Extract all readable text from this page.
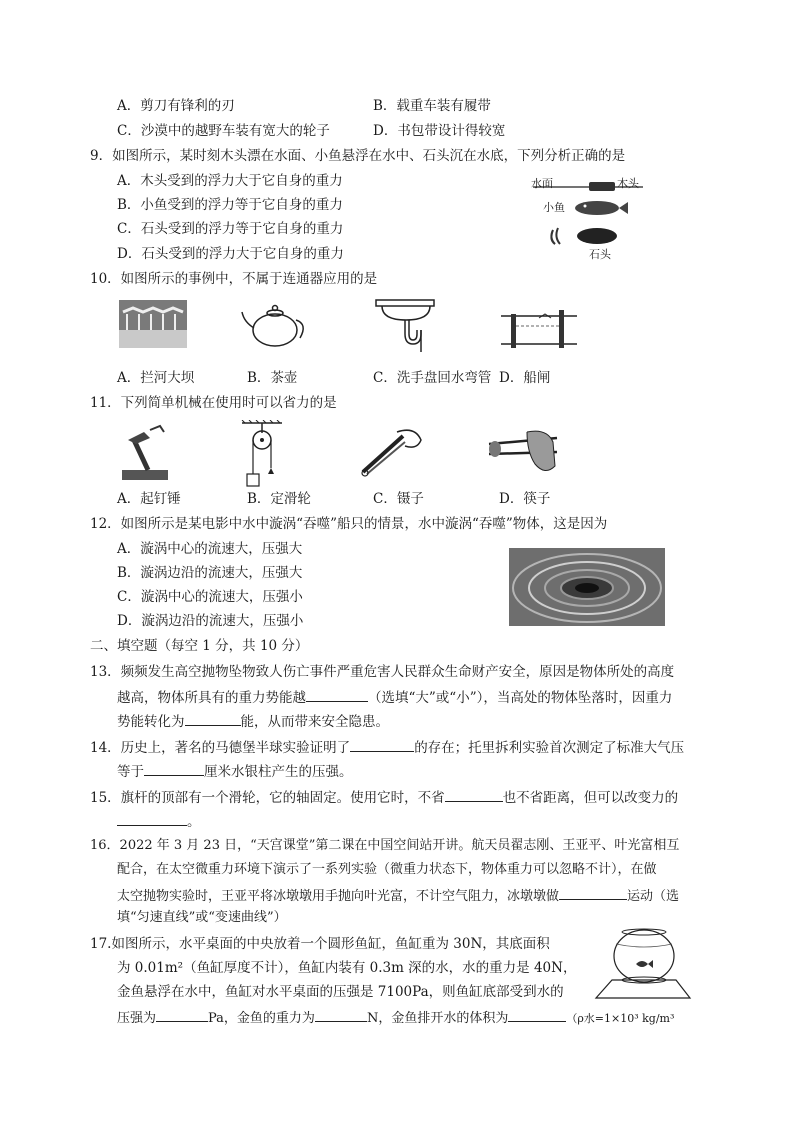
A．剪刀有锋利的刃	B．载重车装有履带
C．沙漠中的越野车装有宽大的轮子	D．书包带设计得较宽
9．如图所示，某时刻木头漂在水面、小鱼悬浮在水中、石头沉在水底，下列分析正确的是
A．木头受到的浮力大于它自身的重力
B．小鱼受到的浮力等于它自身的重力
C．石头受到的浮力等于它自身的重力
D．石头受到的浮力大于它自身的重力
水面	木头
小鱼
石头
10．如图所示的事例中，不属于连通器应用的是
A．拦河大坝	B．茶壶	C．洗手盘回水弯管 D．船闸
11．下列简单机械在使用时可以省力的是
A．起钉锤	B．定滑轮	C．镊子	D．筷子
12．如图所示是某电影中水中漩涡“吞噬”船只的情景，水中漩涡“吞噬”物体，这是因为
A．漩涡中心的流速大，压强大
B．漩涡边沿的流速大，压强大
C．漩涡中心的流速大，压强小
D．漩涡边沿的流速大，压强小
二、填空题（每空 1 分，共 10 分）
13．频频发生高空抛物坠物致人伤亡事件严重危害人民群众生命财产安全，原因是物体所处的高度
越高，物体所具有的重力势能越	（选填“大”或“小”），当高处的物体坠落时，因重力
势能转化为	能，从而带来安全隐患。
14．历史上，著名的马德堡半球实验证明了	的存在；托里拆利实验首次测定了标准大气压
等于	厘米水银柱产生的压强。
15．旗杆的顶部有一个滑轮，它的轴固定。使用它时，不省	也不省距离，但可以改变力的
。
16．2022 年 3 月 23 日，“天宫课堂”第二课在中国空间站开讲。航天员翟志刚、王亚平、叶光富相互
配合，在太空微重力环境下演示了一系列实验（微重力状态下，物体重力可以忽略不计），在做
太空抛物实验时，王亚平将冰墩墩用手抛向叶光富，不计空气阻力，冰墩墩做	运动（选
填“匀速直线”或“变速曲线”）
17.如图所示，水平桌面的中央放着一个圆形鱼缸，鱼缸重为 30N，其底面积
为 0.01m²（鱼缸厚度不计），鱼缸内装有 0.3m 深的水，水的重力是 40N，
金鱼悬浮在水中，鱼缸对水平桌面的压强是 7100Pa，则鱼缸底部受到水的
压强为	Pa，金鱼的重力为	N，金鱼排开水的体积为	（ρ水=1×10³ kg/m³
